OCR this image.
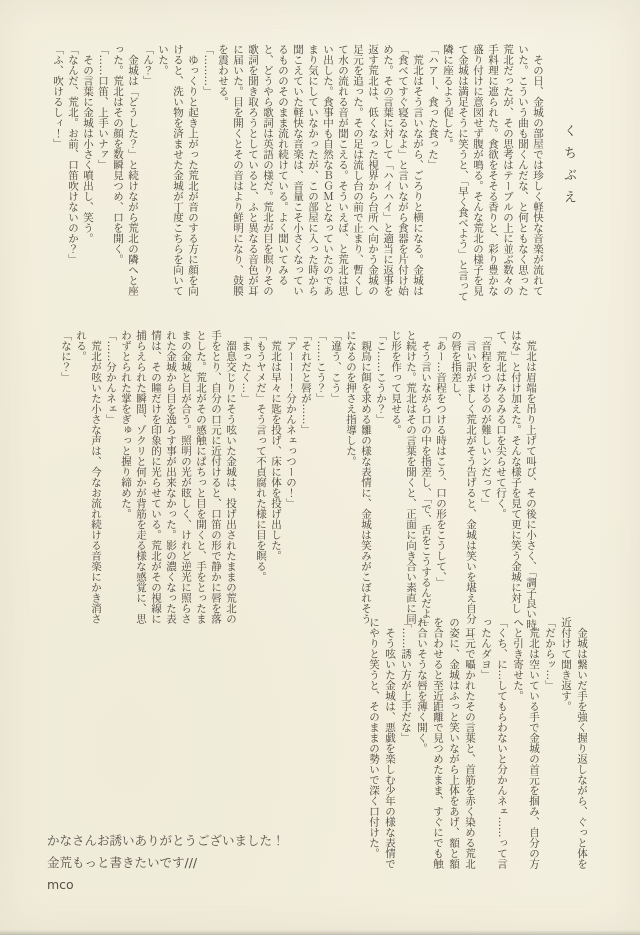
くちぶえ

　その日、金城の部屋では珍しく軽快な音楽が流れていた。こういう曲も聞くんだな、と何ともなく思った荒北だったが、その思考はテーブルの上に並ぶ数々の手料理に遮られた。食欲をそそる香りと、彩り豊かな盛り付けに意図せず腹が鳴る。そんな荒北の様子を見て金城は満足そうに笑うと、「早く食べよう」と言って隣に座るよう促した。

「ハアー、食った食った」

　荒北はそう言いながら、ごろりと横になる。金城は「食べてすぐ寝るなよ」と言いながら食器を片付け始めた。その言葉に対して「ハイハイ」と適当に返事を返す荒北は、低くなった視界から台所へ向かう金城の足元を追った。その足は流し台の前で止まり、暫くして水の流れる音が聞こえる。そういえば、と荒北は思い出した。食事中も自然なＢＧＭとなっていたのであまり気にしていなかったが、この部屋に入った時から聞こえていた軽快な音楽は、音量こそ小さくなっているもののそのまま流れ続けている。よく聞いてみると、どうやら歌詞は英語の様だ。荒北が目を瞑りその歌詞を聞き取ろうとしていると、ふと異なる音色が耳に届いた。目を開くとその音はより鮮明になり、鼓膜を震わせる。

「………」

　ゆっくりと起き上がった荒北が音のする方に顔を向けると、洗い物を済ませた金城が丁度こちらを向いていた。

「ん？」

　金城は「どうした？」と続けながら荒北の隣へと座った。荒北はその顔を数瞬見つめ、口を開く。

「……口笛、上手いナァ」

　その言葉に金城は小さく噴出し、笑う。

「なんだ、荒北。お前、口笛吹けないのか？」

「ふ、吹けるしィ！」

　荒北は眉端を吊り上げて叫び、その後に小さく、「調子良い時はな」と付け加えた。そんな様子を見て更に笑う金城に対して、荒北はみるみる口を尖らせて行く。

「音程をつけるのが難しいンだって」

　言い訳がましく荒北がそう告げると、金城は笑いを堪え自分の唇を指差し、

「あー…音程をつける時はこう、口の形をこうして、」

　そう言いながら口の中を指差し、「で、舌をこうするんだよ」と続けた。荒北はその言葉を聞くと、正面に向き合い素直に同じ形を作って見せる。

「こ……こうか？」

　親鳥に餌を求める雛の様な表情に、金城は笑みがこぼれそうになるのを押さえ指導した。

「違う、こう」

「……こう？」

「それだと唇が……」

「アーーー！分かんネェっつーの！」

　荒北は早々に匙を投げ、床に体を投げ出した。

「もうヤメだ」そう言って不貞腐れた様に目を瞑る。

「まったく…」

　溜息交じりにそう呟いた金城は、投げ出されたままの荒北の手をとり、自分の口元に近付けると、口笛の形で静かに唇を落とした。荒北がその感触にぱちっと目を開くと、手をとったままの金城と目が合う。照明の光が眩しく、けれど逆光に照らされた金城から目を逸らす事が出来なかった。影の濃くなった表情は、その瞳だけを印象的に光らせている。荒北がその視線に捕らえられた瞬間、ゾクリと何かが背筋を走る様な感覚に、思わずとられた掌をぎゅっと握り締めた。

「……分かんネェ」

　荒北が呟いた小さな声は、今なお流れ続ける音楽にかき消される。

「なに？」

　金城は繋いだ手を強く握り返しながら、ぐっと体を近付けて聞き返す。

「だからッ…」

　荒北は空いている手で金城の首元を掴み、自分の方へと引き寄せた。

「くち、に…してもらわないと分かんネェ……って言ったんダヨ」

　耳元で囁かれたその言葉と、首筋を赤く染める荒北の姿に、金城はふっと笑いながら上体をあげ、額と額を合わせると至近距離で見つめたまま、すぐにでも触れ合いそうな唇を薄く開く。

「……誘い方が上手だな」

　そう呟いた金城は、悪戯を楽しむ少年の様な表情でにやりと笑うと、そのままの勢いで深く口付けた。

かなさんお誘いありがとうございました！

金荒もっと書きたいです///

mco
